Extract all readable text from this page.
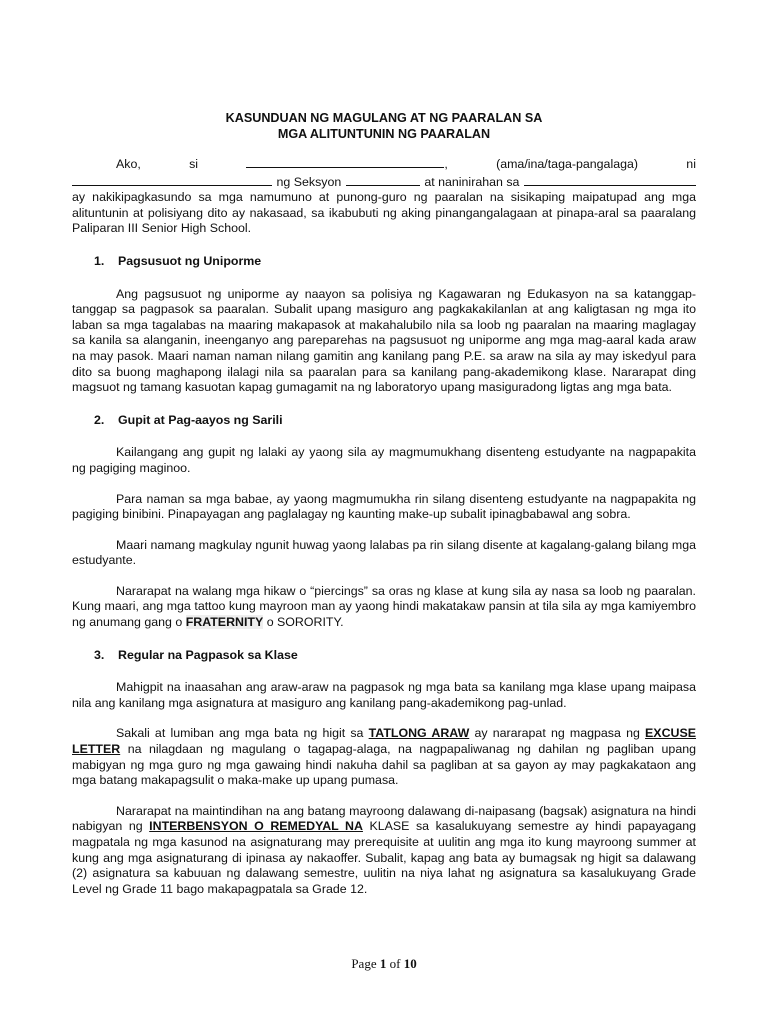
KASUNDUAN NG MAGULANG AT NG PAARALAN SA
MGA ALITUNTUNIN NG PAARALAN
Ako,	si	,	(ama/ina/taga-pangalaga)	ni
ng Seksyon	at naninirahan sa

ay nakikipagkasundo sa mga namumuno at punong-guro ng paaralan na sisikaping maipatupad ang mga alituntunin at polisiyang dito ay nakasaad, sa ikabubuti ng aking pinangangalagaan at pinapa-aral sa paaralang Paliparan III Senior High School.

1.	Pagsusuot ng Uniporme

Ang pagsusuot ng uniporme ay naayon sa polisiya ng Kagawaran ng Edukasyon na sa katanggap-tanggap sa pagpasok sa paaralan. Subalit upang masiguro ang pagkakakilanlan at ang kaligtasan ng mga ito laban sa mga tagalabas na maaring makapasok at makahalubilo nila sa loob ng paaralan na maaring maglagay sa kanila sa alanganin, ineenganyo ang pareparehas na pagsusuot ng uniporme ang mga mag-aaral kada araw na may pasok. Maari naman naman nilang gamitin ang kanilang pang P.E. sa araw na sila ay may iskedyul para dito sa buong maghapong ilalagi nila sa paaralan para sa kanilang pang-akademikong klase. Nararapat ding magsuot ng tamang kasuotan kapag gumagamit na ng laboratoryo upang masiguradong ligtas ang mga bata.

2.	Gupit at Pag-aayos ng Sarili

Kailangang ang gupit ng lalaki ay yaong sila ay magmumukhang disenteng estudyante na nagpapakita ng pagiging maginoo.

Para naman sa mga babae, ay yaong magmumukha rin silang disenteng estudyante na nagpapakita ng pagiging binibini. Pinapayagan ang paglalagay ng kaunting make-up subalit ipinagbabawal ang sobra.

Maari namang magkulay ngunit huwag yaong lalabas pa rin silang disente at kagalang-galang bilang mga estudyante.

Nararapat na walang mga hikaw o “piercings” sa oras ng klase at kung sila ay nasa sa loob ng paaralan. Kung maari, ang mga tattoo kung mayroon man ay yaong hindi makatakaw pansin at tila sila ay mga kamiyembro ng anumang gang o FRATERNITY o SORORITY.

3.	Regular na Pagpasok sa Klase

Mahigpit na inaasahan ang araw-araw na pagpasok ng mga bata sa kanilang mga klase upang maipasa nila ang kanilang mga asignatura at masiguro ang kanilang pang-akademikong pag-unlad.

Sakali at lumiban ang mga bata ng higit sa TATLONG ARAW ay nararapat ng magpasa ng EXCUSE LETTER na nilagdaan ng magulang o tagapag-alaga, na nagpapaliwanag ng dahilan ng pagliban upang mabigyan ng mga guro ng mga gawaing hindi nakuha dahil sa pagliban at sa gayon ay may pagkakataon ang mga batang makapagsulit o maka-make up upang pumasa.

Nararapat na maintindihan na ang batang mayroong dalawang di-naipasang (bagsak) asignatura na hindi nabigyan ng INTERBENSYON O REMEDYAL NA KLASE sa kasalukuyang semestre ay hindi papayagang magpatala ng mga kasunod na asignaturang may prerequisite at uulitin ang mga ito kung mayroong summer at kung ang mga asignaturang di ipinasa ay nakaoffer. Subalit, kapag ang bata ay bumagsak ng higit sa dalawang (2) asignatura sa kabuuan ng dalawang semestre, uulitin na niya lahat ng asignatura sa kasalukuyang Grade Level ng Grade 11 bago makapagpatala sa Grade 12.

Page 1 of 10
